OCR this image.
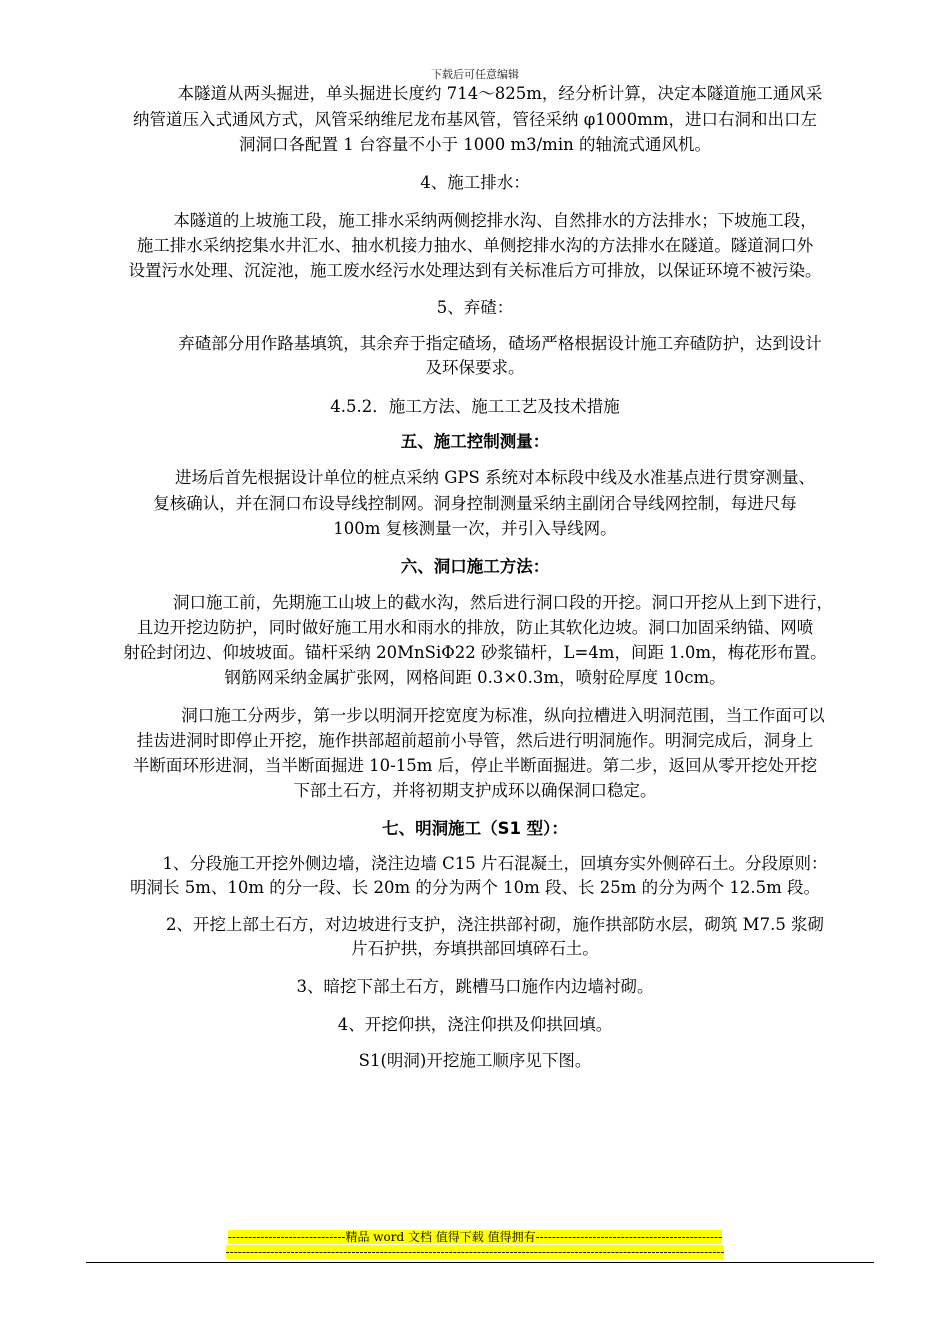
下载后可任意编辑
本隧道从两头掘进，单头掘进长度约 714～825m，经分析计算，决定本隧道施工通风采
纳管道压入式通风方式，风管采纳维尼龙布基风管，管径采纳 φ1000mm，进口右洞和出口左
洞洞口各配置 1 台容量不小于 1000 m3/min 的轴流式通风机。
4、施工排水：
本隧道的上坡施工段，施工排水采纳两侧挖排水沟、自然排水的方法排水；下坡施工段，
施工排水采纳挖集水井汇水、抽水机接力抽水、单侧挖排水沟的方法排水在隧道。隧道洞口外
设置污水处理、沉淀池，施工废水经污水处理达到有关标准后方可排放，以保证环境不被污染。
5、弃碴：
弃碴部分用作路基填筑，其余弃于指定碴场，碴场严格根据设计施工弃碴防护，达到设计
及环保要求。
4.5.2．施工方法、施工工艺及技术措施
五、施工控制测量：
进场后首先根据设计单位的桩点采纳 GPS 系统对本标段中线及水准基点进行贯穿测量、
复核确认，并在洞口布设导线控制网。洞身控制测量采纳主副闭合导线网控制，每进尺每
100m 复核测量一次，并引入导线网。
六、洞口施工方法：
洞口施工前，先期施工山坡上的截水沟，然后进行洞口段的开挖。洞口开挖从上到下进行，
且边开挖边防护，同时做好施工用水和雨水的排放，防止其软化边坡。洞口加固采纳锚、网喷
射砼封闭边、仰坡坡面。锚杆采纳 20MnSiΦ22 砂浆锚杆，L=4m，间距 1.0m，梅花形布置。
钢筋网采纳金属扩张网，网格间距 0.3×0.3m，喷射砼厚度 10cm。
洞口施工分两步，第一步以明洞开挖宽度为标准，纵向拉槽进入明洞范围，当工作面可以
挂齿进洞时即停止开挖，施作拱部超前超前小导管，然后进行明洞施作。明洞完成后，洞身上
半断面环形进洞，当半断面掘进 10-15m 后，停止半断面掘进。第二步，返回从零开挖处开挖
下部土石方，并将初期支护成环以确保洞口稳定。
七、明洞施工（S1 型）：
1、分段施工开挖外侧边墙，浇注边墙 C15 片石混凝土，回填夯实外侧碎石土。分段原则：
明洞长 5m、10m 的分一段、长 20m 的分为两个 10m 段、长 25m 的分为两个 12.5m 段。
2、开挖上部土石方，对边坡进行支护，浇注拱部衬砌，施作拱部防水层，砌筑 M7.5 浆砌
片石护拱，夯填拱部回填碎石土。
3、暗挖下部土石方，跳槽马口施作内边墙衬砌。
4、开挖仰拱，浇注仰拱及仰拱回填。
S1(明洞)开挖施工顺序见下图。
-----------------------------精品 word 文档 值得下载 值得拥有----------------------------------------------
---------------------------------------------------------------------------------------------------------------------------
